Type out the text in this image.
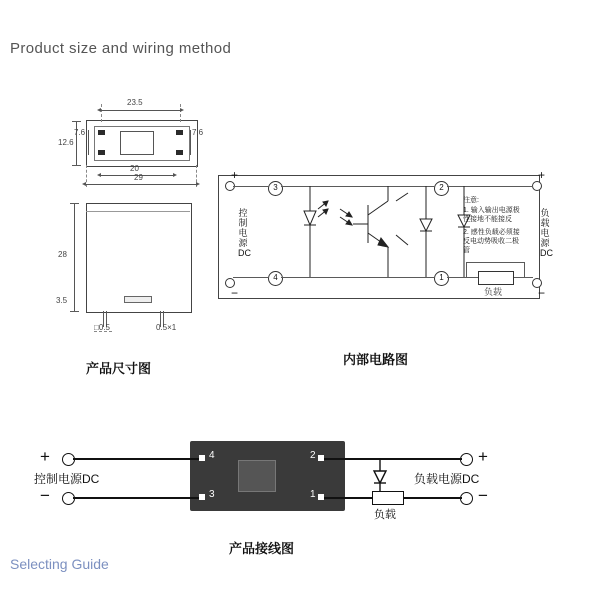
Product size and wiring method
23.5
12.6
7.6	7.6
20
29
28
3.5
□0.5	0.5×1
产品尺寸图
+
−
+
−
3	2
4	1
负载
控制电源DC
负载电源DC
注意:
1. 输入输出电源极性接地不能接反
2. 感性负载必须接反电动势吸收二极管
内部电路图
4
3
2
1
+
−
控制电源DC
+
−
负载电源DC
负载
产品接线图
Selecting Guide
